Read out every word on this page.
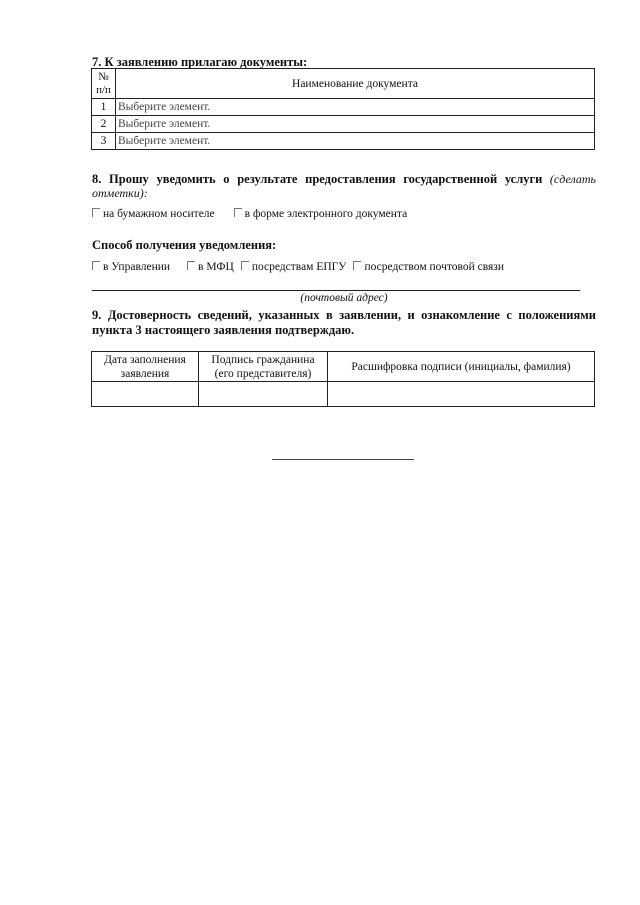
7. К заявлению прилагаю документы:
№ п/п	Наименование документа
1	Выберите элемент.
2	Выберите элемент.
3	Выберите элемент.
8. Прошу уведомить о результате предоставления государственной услуги (сделать отметки):
на бумажном носителе	в форме электронного документа
Способ получения уведомления:
в Управлении в МФЦ посредствам ЕПГУ посредством почтовой связи
(почтовый адрес)
9. Достоверность сведений, указанных в заявлении, и ознакомление с положениями пункта 3 настоящего заявления подтверждаю.
Дата заполнения заявления	Подпись гражданина (его представителя)	Расшифровка подписи (инициалы, фамилия)
